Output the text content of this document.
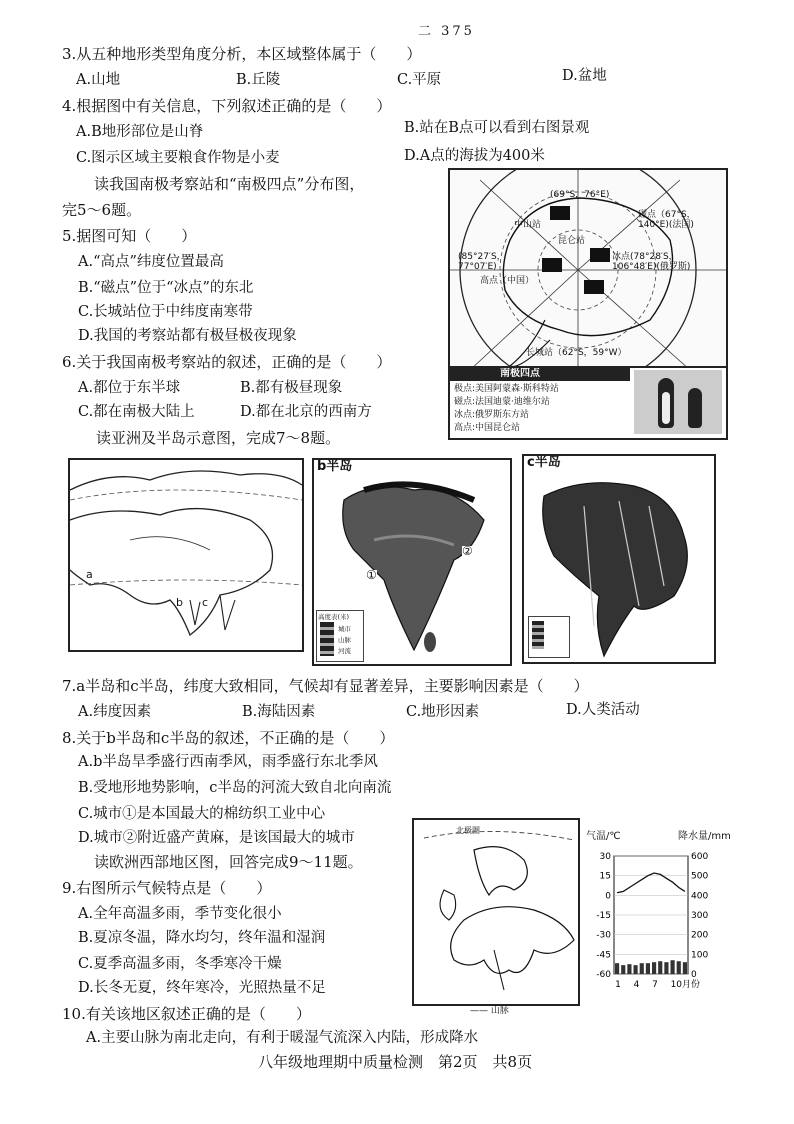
二 375
3.从五种地形类型角度分析，本区域整体属于（　　）
A.山地	B.丘陵	C.平原	D.盆地
4.根据图中有关信息，下列叙述正确的是（　　）
A.B地形部位是山脊	B.站在B点可以看到右图景观
C.图示区域主要粮食作物是小麦	D.A点的海拔为400米
读我国南极考察站和“南极四点”分布图，
完5～6题。
5.据图可知（　　）
A.“高点”纬度位置最高
B.“磁点”位于“冰点”的东北
C.长城站位于中纬度南寒带
D.我国的考察站都有极昼极夜现象
6.关于我国南极考察站的叙述，正确的是（　　）
A.都位于东半球	B.都有极昼现象
C.都在南极大陆上	D.都在北京的西南方
读亚洲及半岛示意图，完成7～8题。
(69°S，76°E)
中山站
磁点（67°S，140°E)(法国)
昆仑站
(85°27′S，77°07′E)
高点（中国）
冰点(78°28′S，106°48′E)(俄罗斯)
长城站（62°S，59°W）
南极四点
极点:美国阿蒙森·斯科特站
磁点:法国迪蒙·迪维尔站
冰点:俄罗斯东方站
高点:中国昆仑站
a
b c
b半岛
①
②
高度表(米)
城市
山脉
河流
c半岛
7.a半岛和c半岛，纬度大致相同，气候却有显著差异，主要影响因素是（　　）
A.纬度因素	B.海陆因素	C.地形因素	D.人类活动
8.关于b半岛和c半岛的叙述，不正确的是（　　）
A.b半岛旱季盛行西南季风，雨季盛行东北季风
B.受地形地势影响，c半岛的河流大致自北向南流
C.城市①是本国最大的棉纺织工业中心
D.城市②附近盛产黄麻，是该国最大的城市
读欧洲西部地区图，回答完成9～11题。
9.右图所示气候特点是（　　）
A.全年高温多雨，季节变化很小
B.夏凉冬温，降水均匀，终年温和湿润
C.夏季高温多雨，冬季寒冷干燥
D.长冬无夏，终年寒冷，光照热量不足
10.有关该地区叙述正确的是（　　）
A.主要山脉为南北走向，有利于暖湿气流深入内陆，形成降水
北极圈
—— 山脉
气温/℃	降水量/mm
30
15
0
-15
-30
-45
-60
600
500
400
300
200
100
0
1 4 7 10月份
八年级地理期中质量检测　第2页　共8页
